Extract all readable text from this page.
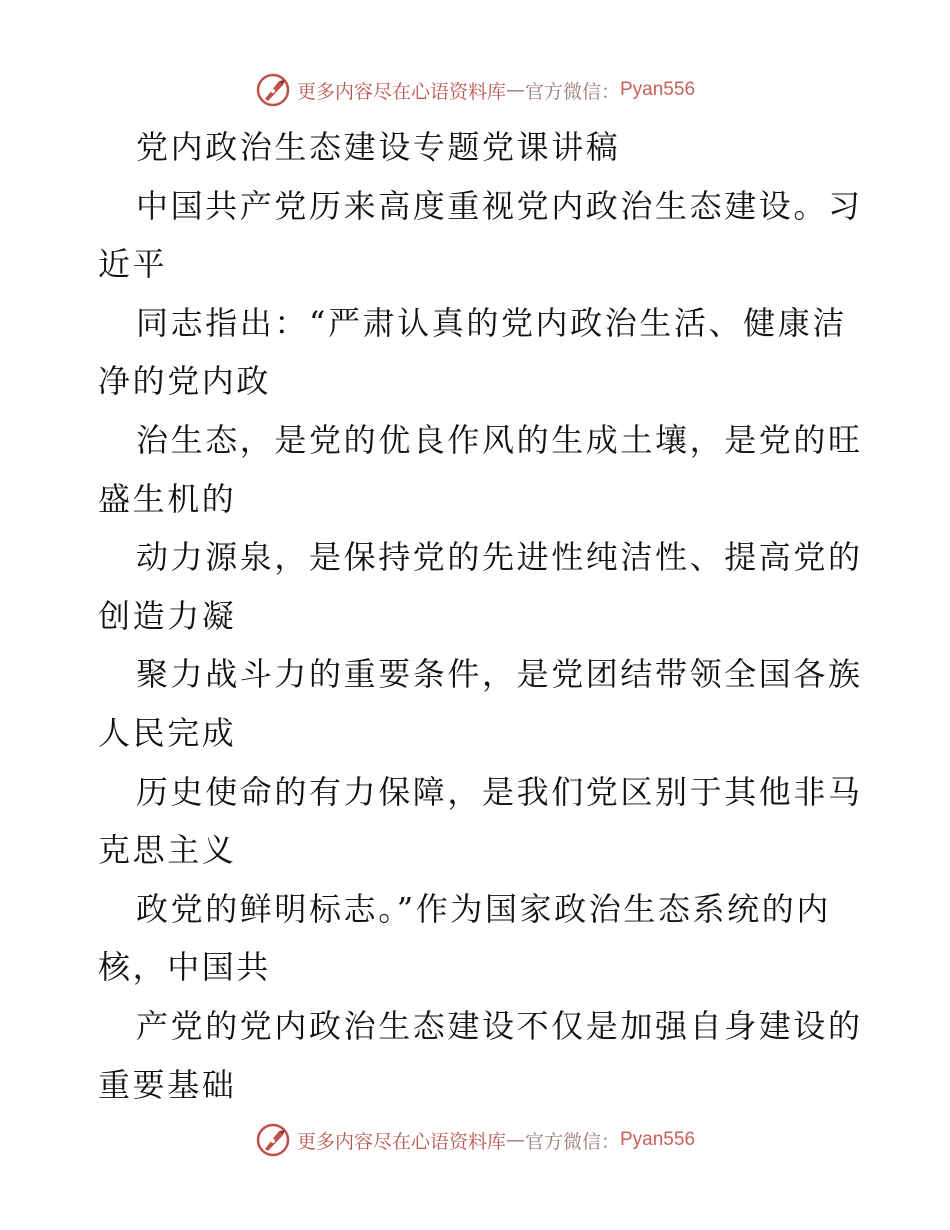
更多内容尽在心语资料库 — 官方微信： Pyan556

党内政治生态建设专题党课讲稿

中国共产党历来高度重视党内政治生态建设。习

近平

同志指出：“严肃认真的党内政治生活、健康洁

净的党内政

治生态，是党的优良作风的生成土壤，是党的旺

盛生机的

动力源泉，是保持党的先进性纯洁性、提高党的

创造力凝

聚力战斗力的重要条件，是党团结带领全国各族

人民完成

历史使命的有力保障，是我们党区别于其他非马

克思主义

政党的鲜明标志。”作为国家政治生态系统的内

核，中国共

产党的党内政治生态建设不仅是加强自身建设的

重要基础

更多内容尽在心语资料库 — 官方微信： Pyan556
